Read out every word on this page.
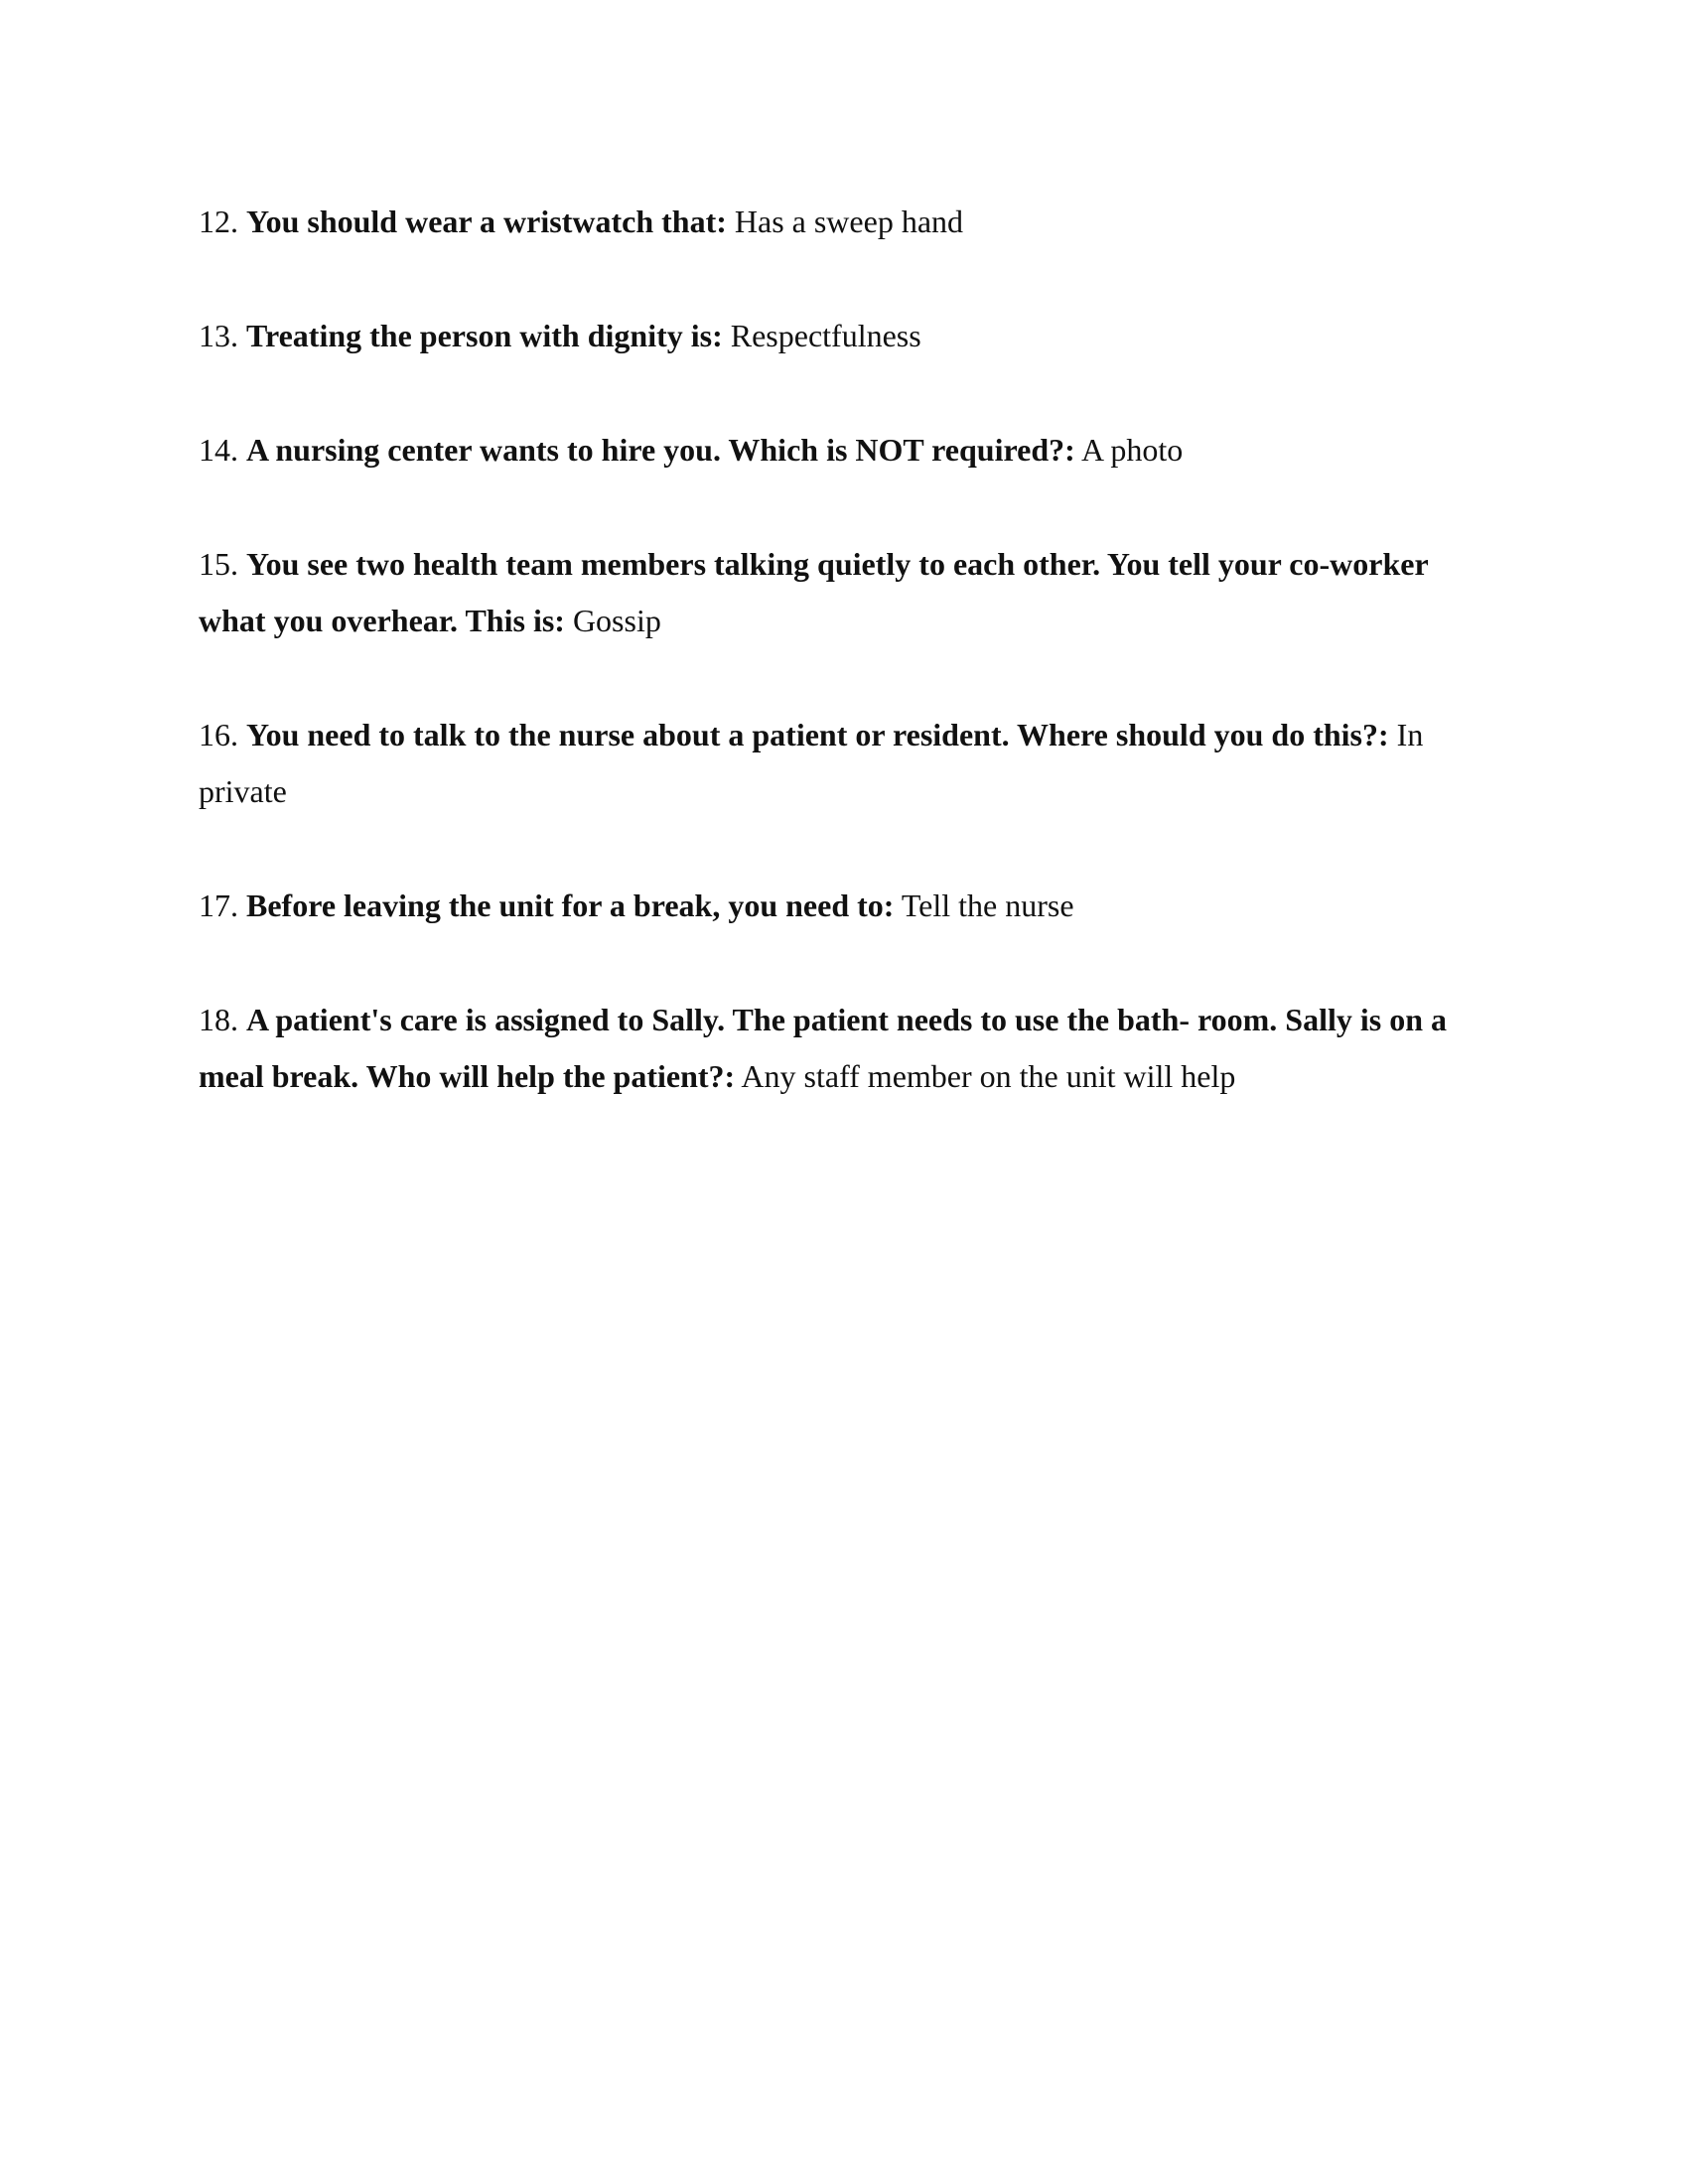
12. You should wear a wristwatch that: Has a sweep hand
13. Treating the person with dignity is: Respectfulness
14. A nursing center wants to hire you. Which is NOT required?: A photo
15. You see two health team members talking quietly to each other. You tell your co-worker what you overhear. This is: Gossip
16. You need to talk to the nurse about a patient or resident. Where should you do this?: In private
17. Before leaving the unit for a break, you need to: Tell the nurse
18. A patient's care is assigned to Sally. The patient needs to use the bath- room. Sally is on a meal break. Who will help the patient?: Any staff member on the unit will help
